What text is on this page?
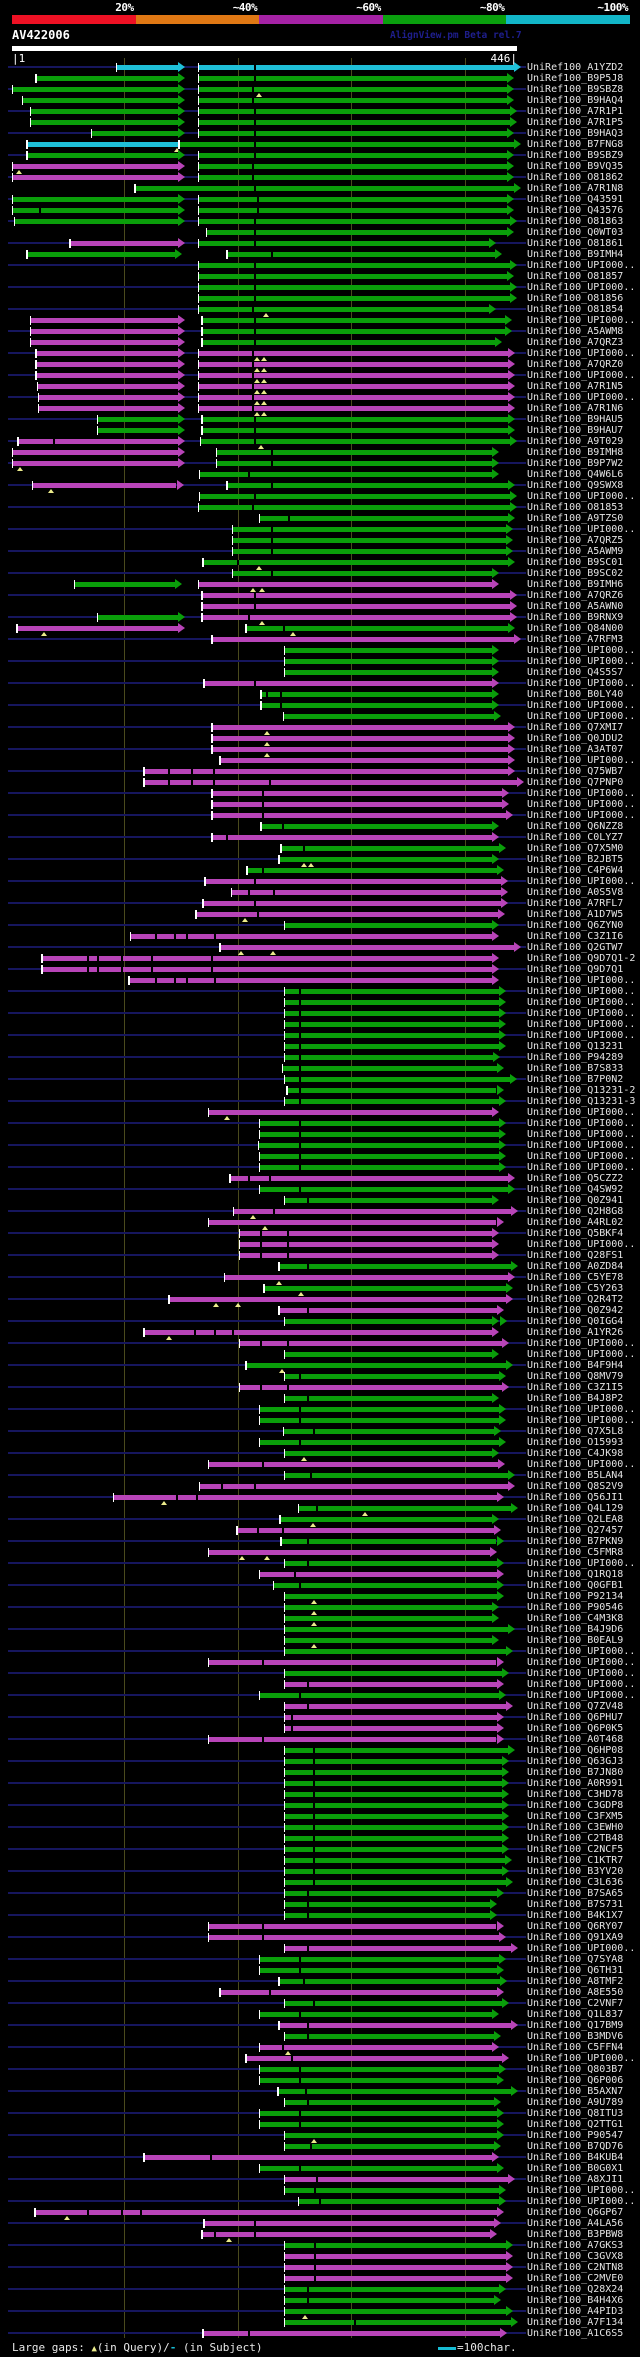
20%	~40%	~60%	~80%	~100%
AV422006	AlignView.pm Beta rel.7
|1	446|
UniRef100_A1YZD2
UniRef100_B9P5J8
UniRef100_B9SBZ8
UniRef100_B9HAQ4
UniRef100_A7R1P1
UniRef100_A7R1P5
UniRef100_B9HAQ3
UniRef100_B7FNG8
UniRef100_B9SBZ9
UniRef100_B9VQ35
UniRef100_O81862
UniRef100_A7R1N8
UniRef100_Q43591
UniRef100_Q43576
UniRef100_O81863
UniRef100_Q0WT03
UniRef100_O81861
UniRef100_B9IMH4
UniRef100_UPI000..
UniRef100_O81857
UniRef100_UPI000..
UniRef100_O81856
UniRef100_O81854
UniRef100_UPI000..
UniRef100_A5AWM8
UniRef100_A7QRZ3
UniRef100_UPI000..
UniRef100_A7QRZ0
UniRef100_UPI000..
UniRef100_A7R1N5
UniRef100_UPI000..
UniRef100_A7R1N6
UniRef100_B9HAU5
UniRef100_B9HAU7
UniRef100_A9T029
UniRef100_B9IMH8
UniRef100_B9P7W2
UniRef100_Q4W6L6
UniRef100_Q9SWX8
UniRef100_UPI000..
UniRef100_O81853
UniRef100_A9TZS0
UniRef100_UPI000..
UniRef100_A7QRZ5
UniRef100_A5AWM9
UniRef100_B9SC01
UniRef100_B9SC02
UniRef100_B9IMH6
UniRef100_A7QRZ6
UniRef100_A5AWN0
UniRef100_B9RNX9
UniRef100_Q84N00
UniRef100_A7RFM3
UniRef100_UPI000..
UniRef100_UPI000..
UniRef100_Q4S5S7
UniRef100_UPI000..
UniRef100_B0LY40
UniRef100_UPI000..
UniRef100_UPI000..
UniRef100_Q7XMI7
UniRef100_Q0JDU2
UniRef100_A3AT07
UniRef100_UPI000..
UniRef100_Q75WB7
UniRef100_Q7PNP0
UniRef100_UPI000..
UniRef100_UPI000..
UniRef100_UPI000..
UniRef100_Q6NZZ8
UniRef100_C0LYZ7
UniRef100_Q7X5M0
UniRef100_B2JBT5
UniRef100_C4P6W4
UniRef100_UPI000..
UniRef100_A0S5V8
UniRef100_A7RFL7
UniRef100_A1D7W5
UniRef100_Q6ZYN0
UniRef100_C3Z1I6
UniRef100_Q2GTW7
UniRef100_Q9D7Q1-2
UniRef100_Q9D7Q1
UniRef100_UPI000..
UniRef100_UPI000..
UniRef100_UPI000..
UniRef100_UPI000..
UniRef100_UPI000..
UniRef100_UPI000..
UniRef100_Q13231
UniRef100_P94289
UniRef100_B7S833
UniRef100_B7P0N2
UniRef100_Q13231-2
UniRef100_Q13231-3
UniRef100_UPI000..
UniRef100_UPI000..
UniRef100_UPI000..
UniRef100_UPI000..
UniRef100_UPI000..
UniRef100_UPI000..
UniRef100_Q5CZZ2
UniRef100_Q4SW92
UniRef100_Q0Z941
UniRef100_Q2H8G8
UniRef100_A4RL02
UniRef100_Q5BKF4
UniRef100_UPI000..
UniRef100_Q28FS1
UniRef100_A0ZD84
UniRef100_C5YE78
UniRef100_C5Y263
UniRef100_Q2R4T2
UniRef100_Q0Z942
UniRef100_Q0IGG4
UniRef100_A1YR26
UniRef100_UPI000..
UniRef100_UPI000..
UniRef100_B4F9H4
UniRef100_Q8MV79
UniRef100_C3Z1I5
UniRef100_B4J8P2
UniRef100_UPI000..
UniRef100_UPI000..
UniRef100_Q7X5L8
UniRef100_O15993
UniRef100_C4JK98
UniRef100_UPI000..
UniRef100_B5LAN4
UniRef100_Q8S2V9
UniRef100_Q56JI1
UniRef100_Q4L129
UniRef100_Q2LEA8
UniRef100_Q27457
UniRef100_B7PKN9
UniRef100_C5FMR8
UniRef100_UPI000..
UniRef100_Q1RQ18
UniRef100_Q0GFB1
UniRef100_P92134
UniRef100_P90546
UniRef100_C4M3K8
UniRef100_B4J9D6
UniRef100_B0EAL9
UniRef100_UPI000..
UniRef100_UPI000..
UniRef100_UPI000..
UniRef100_UPI000..
UniRef100_UPI000..
UniRef100_Q7ZV48
UniRef100_Q6PHU7
UniRef100_Q6P0K5
UniRef100_A0T468
UniRef100_Q6HP08
UniRef100_Q63GJ3
UniRef100_B7JN80
UniRef100_A0R991
UniRef100_C3HD78
UniRef100_C3GDP8
UniRef100_C3FXM5
UniRef100_C3EWH0
UniRef100_C2TB48
UniRef100_C2NCF5
UniRef100_C1KTR7
UniRef100_B3YV20
UniRef100_C3L636
UniRef100_B7SA65
UniRef100_B7S731
UniRef100_B4K1X7
UniRef100_Q6RY07
UniRef100_Q91XA9
UniRef100_UPI000..
UniRef100_Q7SYA8
UniRef100_Q6TH31
UniRef100_A8TMF2
UniRef100_A8E550
UniRef100_C2VNF7
UniRef100_Q1L837
UniRef100_Q17BM9
UniRef100_B3MDV6
UniRef100_C5FFN4
UniRef100_UPI000..
UniRef100_Q803B7
UniRef100_Q6P006
UniRef100_B5AXN7
UniRef100_A9U789
UniRef100_Q8ITU3
UniRef100_Q2TTG1
UniRef100_P90547
UniRef100_B7QD76
UniRef100_B4KUB4
UniRef100_B0G0X1
UniRef100_A8XJI1
UniRef100_UPI000..
UniRef100_UPI000..
UniRef100_Q6GP67
UniRef100_A4LA56
UniRef100_B3PBW8
UniRef100_A7GKS3
UniRef100_C3GVX8
UniRef100_C2NTN8
UniRef100_C2MVE0
UniRef100_Q28X24
UniRef100_B4H4X6
UniRef100_A4PID3
UniRef100_A7F134
UniRef100_A1C6S5
Large gaps: ▲(in Query)/- (in Subject)	=100char.
